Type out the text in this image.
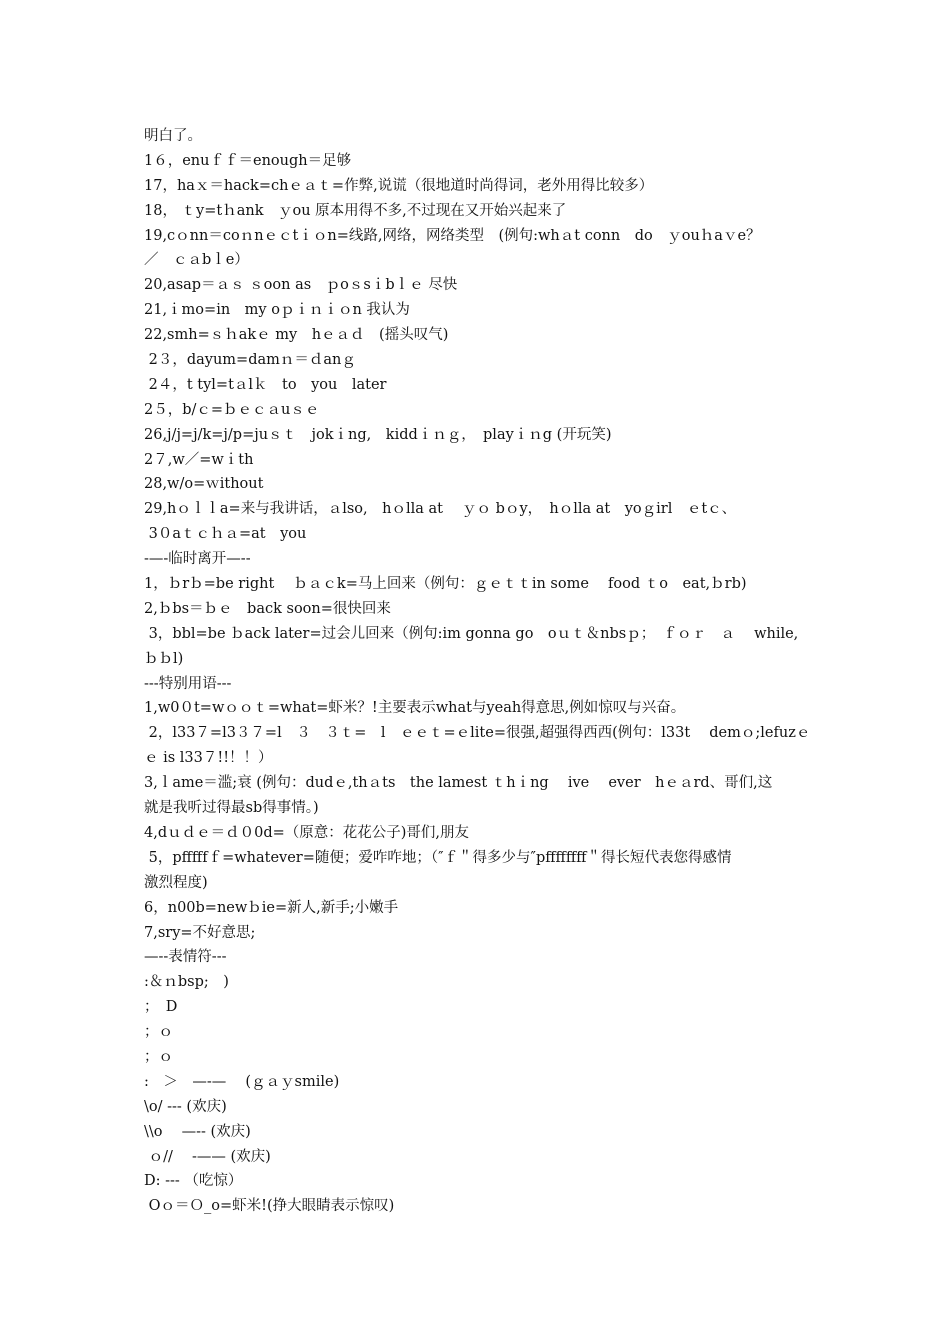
明白了。
1６，enuｆｆ＝enough＝足够
17，haｘ＝hack=chｅａｔ=作弊,说谎（很地道时尚得词，老外用得比较多）
18， ｔy=tｈank　ｙou 原本用得不多,不过现在又开始兴起来了
19,cｏnn＝coｎnｅｃtｉｏn=线路,网络，网络类型　(例句:whａt conn　do　ｙouｈaｖe？
／　ｃａbｌe）
20,asap＝ａｓ ｓoon as　ｐoｓsｉbｌｅ 尽快
21,ｉmo=in　my oｐｉｎｉｏn 我认为
22,smh=ｓｈakｅ my　hｅａｄ　(摇头叹气)
2３，dayum=damｎ＝ｄanｇ
2４，t tyl=tａlｋ　to　you　later
2５，b/ｃ=ｂｅｃａuｓｅ
26,j/j=j/k=j/p=juｓｔ　jokｉng,　kiddｉｎｇ，　playｉｎg (开玩笑)
2７,w／=wｉth
28,w/o=ｗithout
29,hｏｌｌa=来与我讲话，ａlso,　hｏlla at　 ｙｏ bｏy，　hｏlla at　yoｇirl　ｅtｃ、
3０aｔｃｈａ=at　you
-—-临时离开—--
1，ｂrｂ=be right　 ｂａｃk=马上回来（例句：ｇｅｔｔin some　 food ｔo　eat,ｂrb)
2,ｂbs＝ｂｅ　back soon=很快回来
3，bbl=be ｂack later=过会儿回来（例句:im gonna go　oｕｔ＆nbsｐ；　ｆｏｒ　ａ　 while,
ｂｂl)
---特别用语---
1,w0０t=wｏｏｔ=what=虾米？!主要表示what与yeah得意思,例如惊叹与兴奋。
2，l33７=l3３７=l　３　３ｔ=　l　ｅｅｔ=ｅlite=很强,超强得西西(例句：l33t　 demｏ;lefuzｅ
ｅ is l33７!!！！）
3,ｌame＝滥;衰 (例句：dudｅ,thａts　the lamest ｔhｉng　 ive　 ever　hｅａrd、哥们,这
就是我听过得最sb得事情。)
4,dｕｄｅ＝ｄ０0d=（原意：花花公子)哥们,朋友
5，pfffffｆ=whatever=随便；爱咋咋地；（″ｆ＂得多少与″pffffffff＂得长短代表您得感情
激烈程度)
6，n00b=newｂie=新人,新手;小嫩手
7,sry=不好意思;
—--表情符---
:＆ｎbsp;　)
；　D
；ｏ
；ｏ
:　＞　—-—　 (ｇａｙsmile)
\o/ --- (欢庆)
\\o　 —-- (欢庆)
ｏ//　 -—— (欢庆)
D: --- （吃惊）
Oｏ＝Ｏ_o=虾米!(挣大眼睛表示惊叹)
